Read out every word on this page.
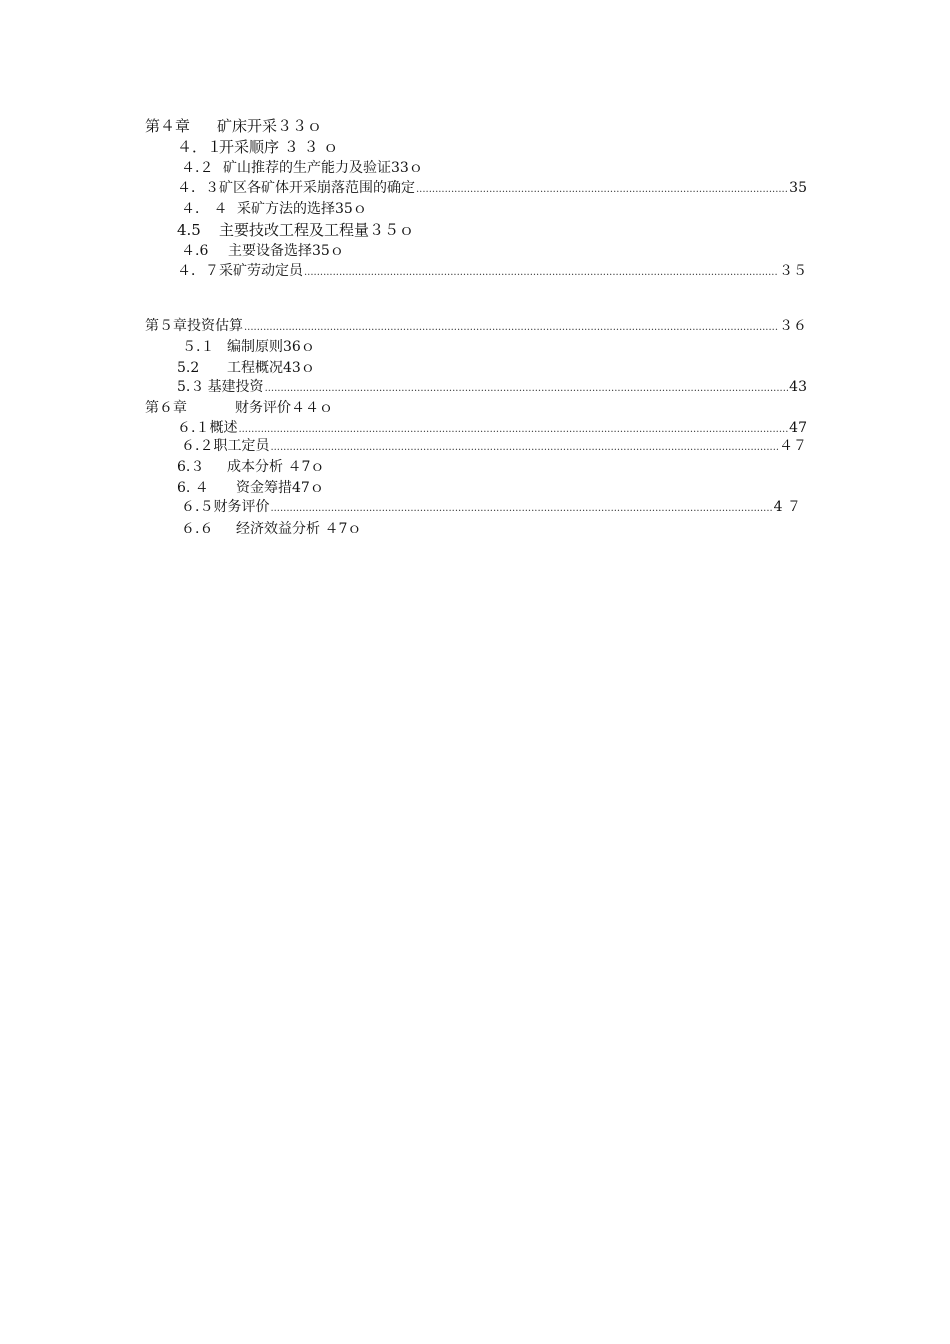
第４章 矿床开采３３ｏ
４．１开采顺序 ３ ３ ｏ
４.２ 矿山推荐的生产能力及验证33ｏ
４．３ 矿区各矿体开采崩落范围的确定 .....	35
４． ４ 采矿方法的选择35ｏ
4.5 主要技改工程及工程量３５ｏ
４.6 主要设备选择35ｏ
４．７ 采矿劳动定员 .....	３５
第５章 投资估算 .....	３６
５.１ 编制原则36ｏ
5.2 工程概况43ｏ
5.３ 基建投资 .....	43
第６章	财务评价４４ｏ
６.１ 概述 .....	47
６.２ 职工定员 .....	４７
6.３ 成本分析 ４7ｏ
6. ４ 资金筹措47ｏ
６.５ 财务评价 .....	4 ７
６.６ 经济效益分析 ４7ｏ
